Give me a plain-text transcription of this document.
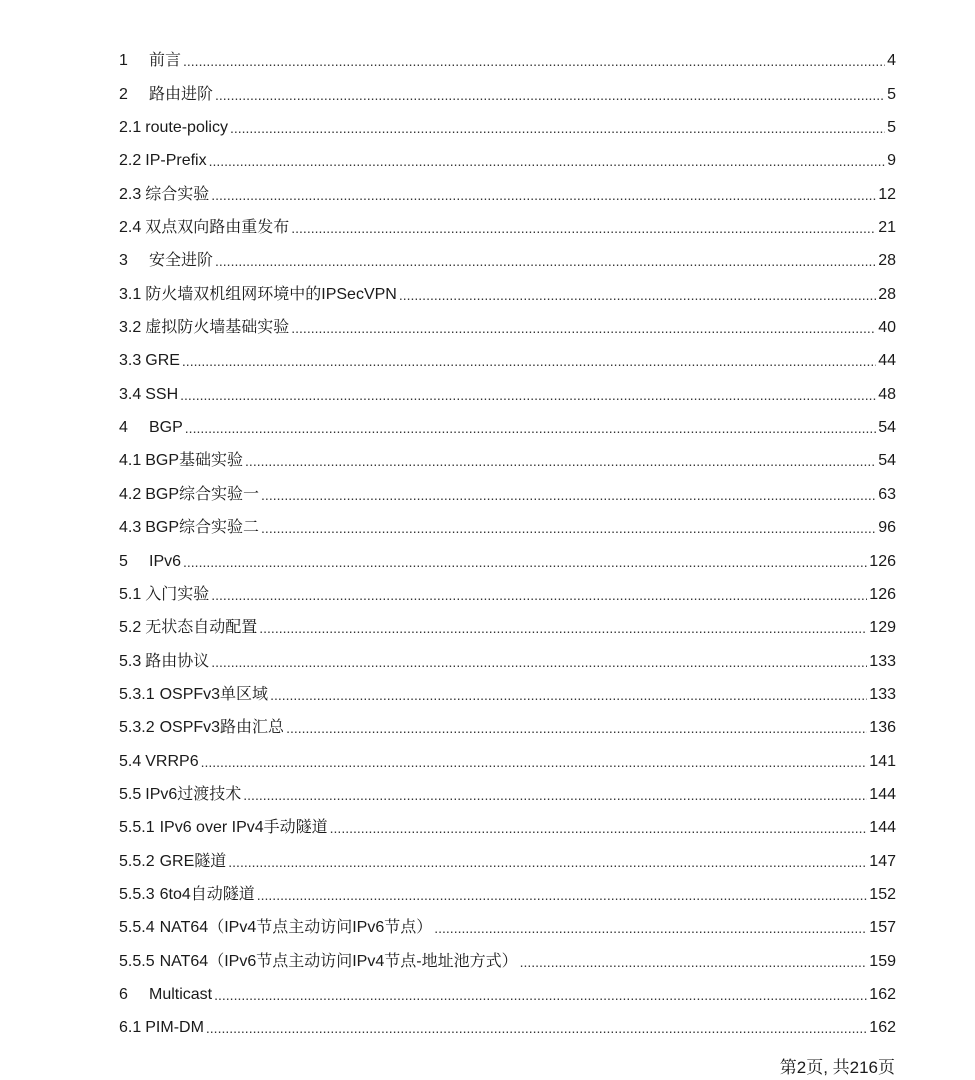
1 前言 .....	4
2 路由进阶 .....	5
2.1 route-policy .....	5
2.2 IP-Prefix .....	9
2.3 综合实验 .....	12
2.4 双点双向路由重发布 .....	21
3 安全进阶 .....	28
3.1 防火墙双机组网环境中的IPSecVPN .....	28
3.2 虚拟防火墙基础实验 .....	40
3.3 GRE .....	44
3.4 SSH .....	48
4 BGP .....	54
4.1 BGP基础实验 .....	54
4.2 BGP综合实验一 .....	63
4.3 BGP综合实验二 .....	96
5 IPv6 .....	126
5.1 入门实验 .....	126
5.2 无状态自动配置 .....	129
5.3 路由协议 .....	133
5.3.1 OSPFv3单区域 .....	133
5.3.2 OSPFv3路由汇总 .....	136
5.4 VRRP6 .....	141
5.5 IPv6过渡技术 .....	144
5.5.1 IPv6 over IPv4手动隧道 .....	144
5.5.2 GRE隧道 .....	147
5.5.3 6to4自动隧道 .....	152
5.5.4 NAT64（IPv4节点主动访问IPv6节点） .....	157
5.5.5 NAT64（IPv6节点主动访问IPv4节点-地址池方式） .....	159
6 Multicast .....	162
6.1 PIM-DM .....	162
第2页, 共216页
